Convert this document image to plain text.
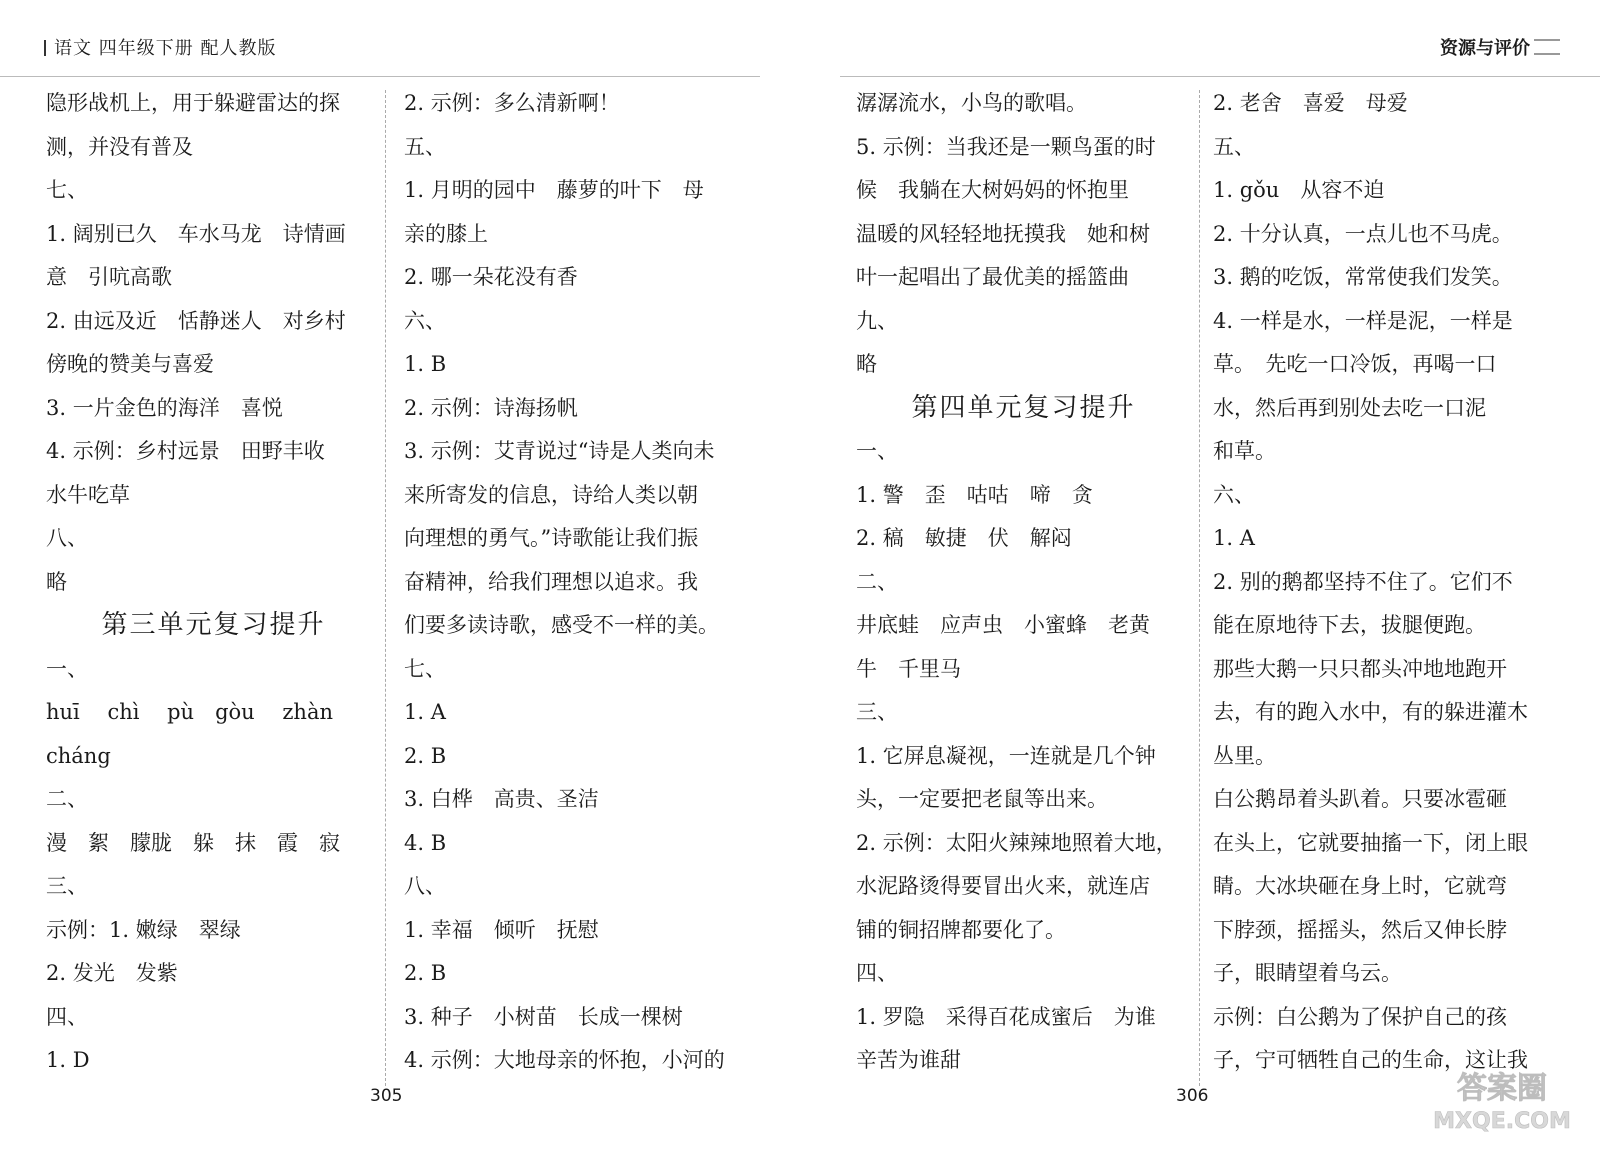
语文 四年级下册 配人教版	资源与评价
隐形战机上，用于躲避雷达的探
测，并没有普及
七、
1. 阔别已久　车水马龙　诗情画
意　引吭高歌
2. 由远及近　恬静迷人　对乡村
傍晚的赞美与喜爱
3. 一片金色的海洋　喜悦
4. 示例：乡村远景　田野丰收
水牛吃草
八、
略
第三单元复习提升
一、
huī　 chì　 pù　gòu　 zhàn
cháng
二、
漫　絮　朦胧　躲　抹　霞　寂
三、
示例：1. 嫩绿　翠绿
2. 发光　发紫
四、
1. D
2. 示例：多么清新啊！
五、
1. 月明的园中　藤萝的叶下　母
亲的膝上
2. 哪一朵花没有香
六、
1. B
2. 示例：诗海扬帆
3. 示例：艾青说过“诗是人类向未
来所寄发的信息，诗给人类以朝
向理想的勇气。”诗歌能让我们振
奋精神，给我们理想以追求。我
们要多读诗歌，感受不一样的美。
七、
1. A
2. B
3. 白桦　高贵、圣洁
4. B
八、
1. 幸福　倾听　抚慰
2. B
3. 种子　小树苗　长成一棵树
4. 示例：大地母亲的怀抱，小河的
潺潺流水，小鸟的歌唱。
5. 示例：当我还是一颗鸟蛋的时
候　我躺在大树妈妈的怀抱里
温暖的风轻轻地抚摸我　她和树
叶一起唱出了最优美的摇篮曲
九、
略
第四单元复习提升
一、
1. 警　歪　咕咕　啼　贪
2. 稿　敏捷　伏　解闷
二、
井底蛙　应声虫　小蜜蜂　老黄
牛　千里马
三、
1. 它屏息凝视，一连就是几个钟
头，一定要把老鼠等出来。
2. 示例：太阳火辣辣地照着大地，
水泥路烫得要冒出火来，就连店
铺的铜招牌都要化了。
四、
1. 罗隐　采得百花成蜜后　为谁
辛苦为谁甜
2. 老舍　喜爱　母爱
五、
1. gǒu　从容不迫
2. 十分认真，一点儿也不马虎。
3. 鹅的吃饭，常常使我们发笑。
4. 一样是水，一样是泥，一样是
草。　先吃一口冷饭，再喝一口
水，然后再到别处去吃一口泥
和草。
六、
1. A
2. 别的鹅都坚持不住了。它们不
能在原地待下去，拔腿便跑。
那些大鹅一只只都头冲地地跑开
去，有的跑入水中，有的躲进灌木
丛里。
白公鹅昂着头趴着。只要冰雹砸
在头上，它就要抽搐一下，闭上眼
睛。大冰块砸在身上时，它就弯
下脖颈，摇摇头，然后又伸长脖
子，眼睛望着乌云。
示例：白公鹅为了保护自己的孩
子，宁可牺牲自己的生命，这让我
305	306	答案圈
MXQE.COM
